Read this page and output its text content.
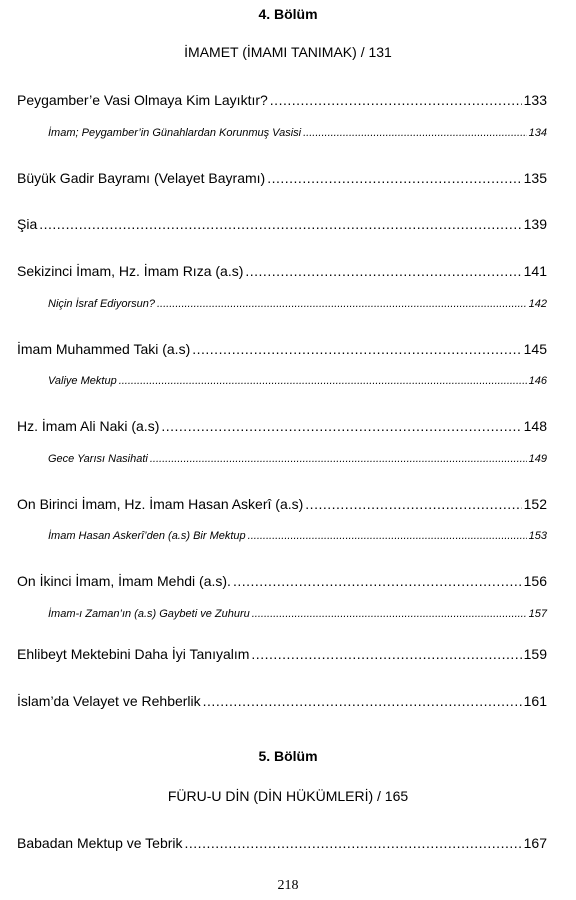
4. Bölüm
İMAMET (İMAMI TANIMAK) / 131
Peygamber’e Vasi Olmaya Kim Layıktır? .....	133
İmam; Peygamber’in Günahlardan Korunmuş Vasisi .....	134
Büyük Gadir Bayramı (Velayet Bayramı) .....	135
Şia .....	139
Sekizinci İmam, Hz. İmam Rıza (a.s) .....	141
Niçin İsraf Ediyorsun? .....	142
İmam Muhammed Taki (a.s) .....	145
Valiye Mektup .....	146
Hz. İmam Ali Naki (a.s) .....	148
Gece Yarısı Nasihati .....	149
On Birinci İmam, Hz. İmam Hasan Askerî (a.s) .....	152
İmam Hasan Askerî’den (a.s) Bir Mektup .....	153
On İkinci İmam, İmam Mehdi (a.s). .....	156
İmam-ı Zaman’ın (a.s) Gaybeti ve Zuhuru .....	157
Ehlibeyt Mektebini Daha İyi Tanıyalım .....	159
İslam’da Velayet ve Rehberlik .....	161
5. Bölüm
FÜRU-U DİN (DİN HÜKÜMLERİ) / 165
Babadan Mektup ve Tebrik .....	167
218
